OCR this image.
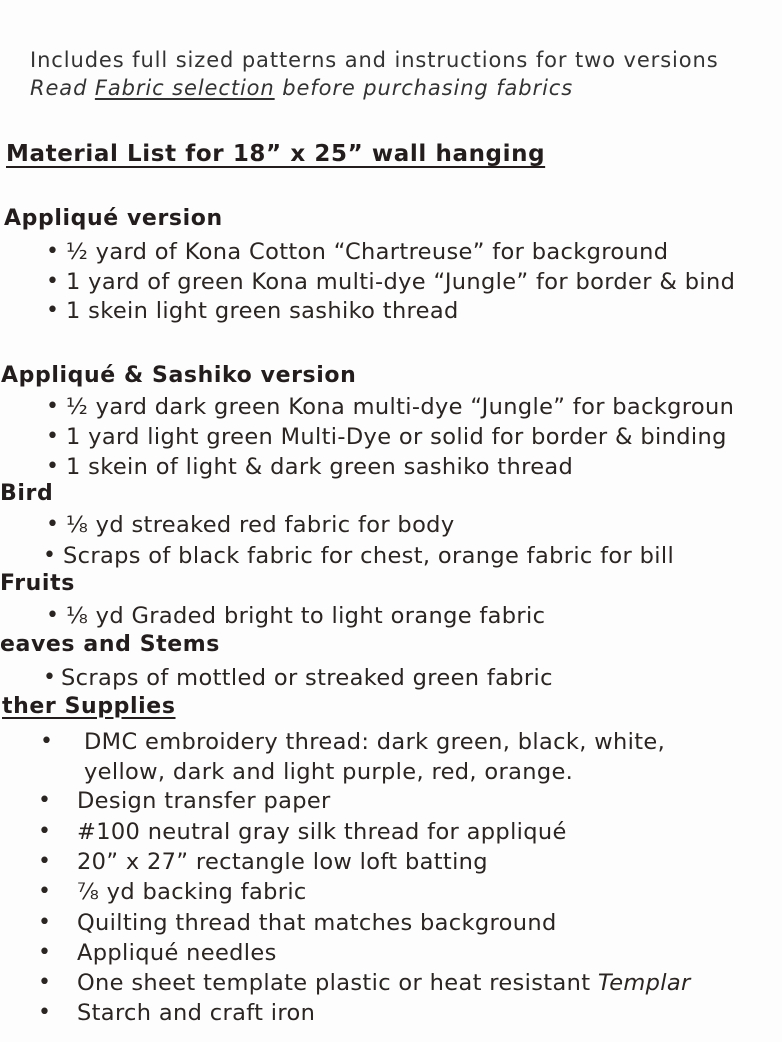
Includes full sized patterns and instructions for two versions
Read Fabric selection before purchasing fabrics
Material List for 18” x 25” wall hanging
Appliqué version
• ½ yard of Kona Cotton “Chartreuse” for background
• 1 yard of green Kona multi-dye “Jungle” for border & bind
• 1 skein light green sashiko thread
Appliqué & Sashiko version
• ½ yard dark green Kona multi-dye “Jungle” for backgroun
• 1 yard light green Multi-Dye or solid for border & binding
• 1 skein of light & dark green sashiko thread
Bird
• ⅛ yd streaked red fabric for body
• Scraps of black fabric for chest, orange fabric for bill
Fruits
• ⅛ yd Graded bright to light orange fabric
eaves and Stems
• Scraps of mottled or streaked green fabric
ther Supplies
• DMC embroidery thread: dark green, black, white,
yellow, dark and light purple, red, orange.
• Design transfer paper
• #100 neutral gray silk thread for appliqué
• 20” x 27” rectangle low loft batting
• ⅞ yd backing fabric
• Quilting thread that matches background
• Appliqué needles
• One sheet template plastic or heat resistant Templar
• Starch and craft iron
